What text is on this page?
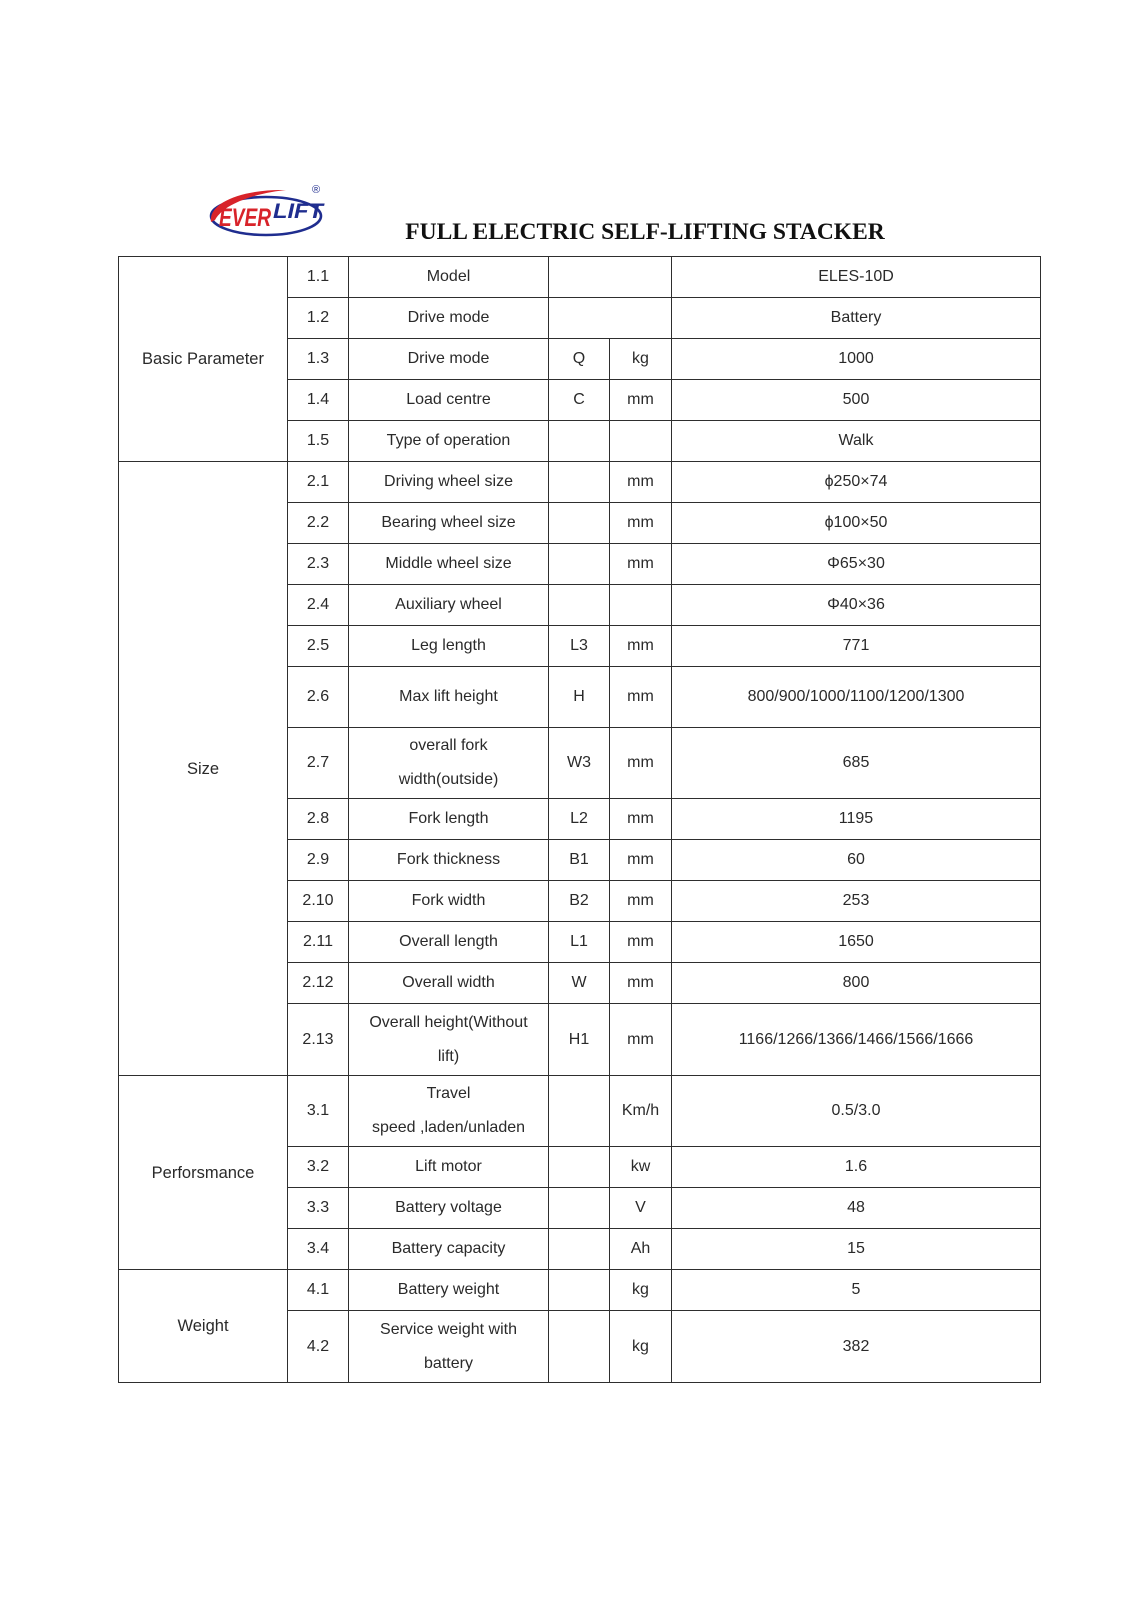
EVER LIFT
®
FULL ELECTRIC SELF-LIFTING STACKER
Basic Parameter	1.1	Model			ELES-10D
	1.2	Drive mode			Battery
	1.3	Drive mode	Q	kg	1000
	1.4	Load centre	C	mm	500
	1.5	Type of operation			Walk
Size	2.1	Driving wheel size		mm	ϕ250×74
	2.2	Bearing wheel size		mm	ϕ100×50
	2.3	Middle wheel size		mm	Φ65×30
	2.4	Auxiliary wheel			Φ40×36
	2.5	Leg length	L3	mm	771
	2.6	Max lift height	H	mm	800/900/1000/1100/1200/1300
	2.7	overall fork
width(outside)	W3	mm	685
	2.8	Fork length	L2	mm	1195
	2.9	Fork thickness	B1	mm	60
	2.10	Fork width	B2	mm	253
	2.11	Overall length	L1	mm	1650
	2.12	Overall width	W	mm	800
	2.13	Overall height(Without
lift)	H1	mm	1166/1266/1366/1466/1566/1666
Perforsmance	3.1	Travel
speed ,laden/unladen		Km/h	0.5/3.0
	3.2	Lift motor		kw	1.6
	3.3	Battery voltage		V	48
	3.4	Battery capacity		Ah	15
Weight	4.1	Battery weight		kg	5
	4.2	Service weight with
battery		kg	382
